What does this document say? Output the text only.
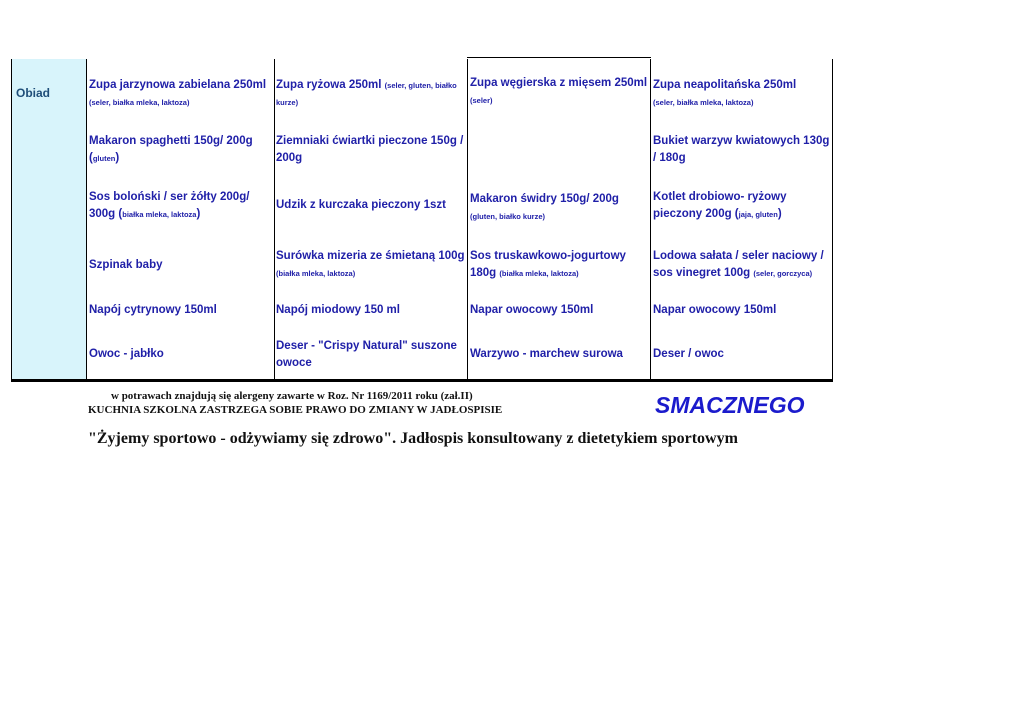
Obiad
Zupa jarzynowa zabielana 250ml
(seler, białka mleka, laktoza)
Makaron spaghetti 150g/ 200g (gluten)
Sos boloński / ser żółty 200g/ 300g (białka mleka, laktoza)
Szpinak baby
Napój cytrynowy 150ml
Owoc - jabłko
Zupa ryżowa 250ml (seler, gluten, białko kurze)
Ziemniaki ćwiartki pieczone 150g / 200g
Udzik z kurczaka pieczony 1szt
Surówka mizeria ze śmietaną 100g (białka mleka, laktoza)
Napój miodowy 150 ml
Deser - "Crispy Natural" suszone owoce
Zupa węgierska z mięsem 250ml (seler)
Makaron świdry 150g/ 200g
(gluten, białko kurze)
Sos truskawkowo-jogurtowy 180g (białka mleka, laktoza)
Napar owocowy 150ml
Warzywo - marchew surowa
Zupa neapolitańska 250ml
(seler, białka mleka, laktoza)
Bukiet warzyw kwiatowych 130g / 180g
Kotlet drobiowo- ryżowy pieczony 200g (jaja, gluten)
Lodowa sałata / seler naciowy / sos vinegret 100g (seler, gorczyca)
Napar owocowy 150ml
Deser / owoc
w potrawach znajdują się alergeny zawarte w Roz. Nr 1169/2011 roku (zał.II)
KUCHNIA SZKOLNA ZASTRZEGA SOBIE PRAWO DO ZMIANY W JADŁOSPISIE	SMACZNEGO
"Żyjemy sportowo - odżywiamy się zdrowo". Jadłospis konsultowany z dietetykiem sportowym
